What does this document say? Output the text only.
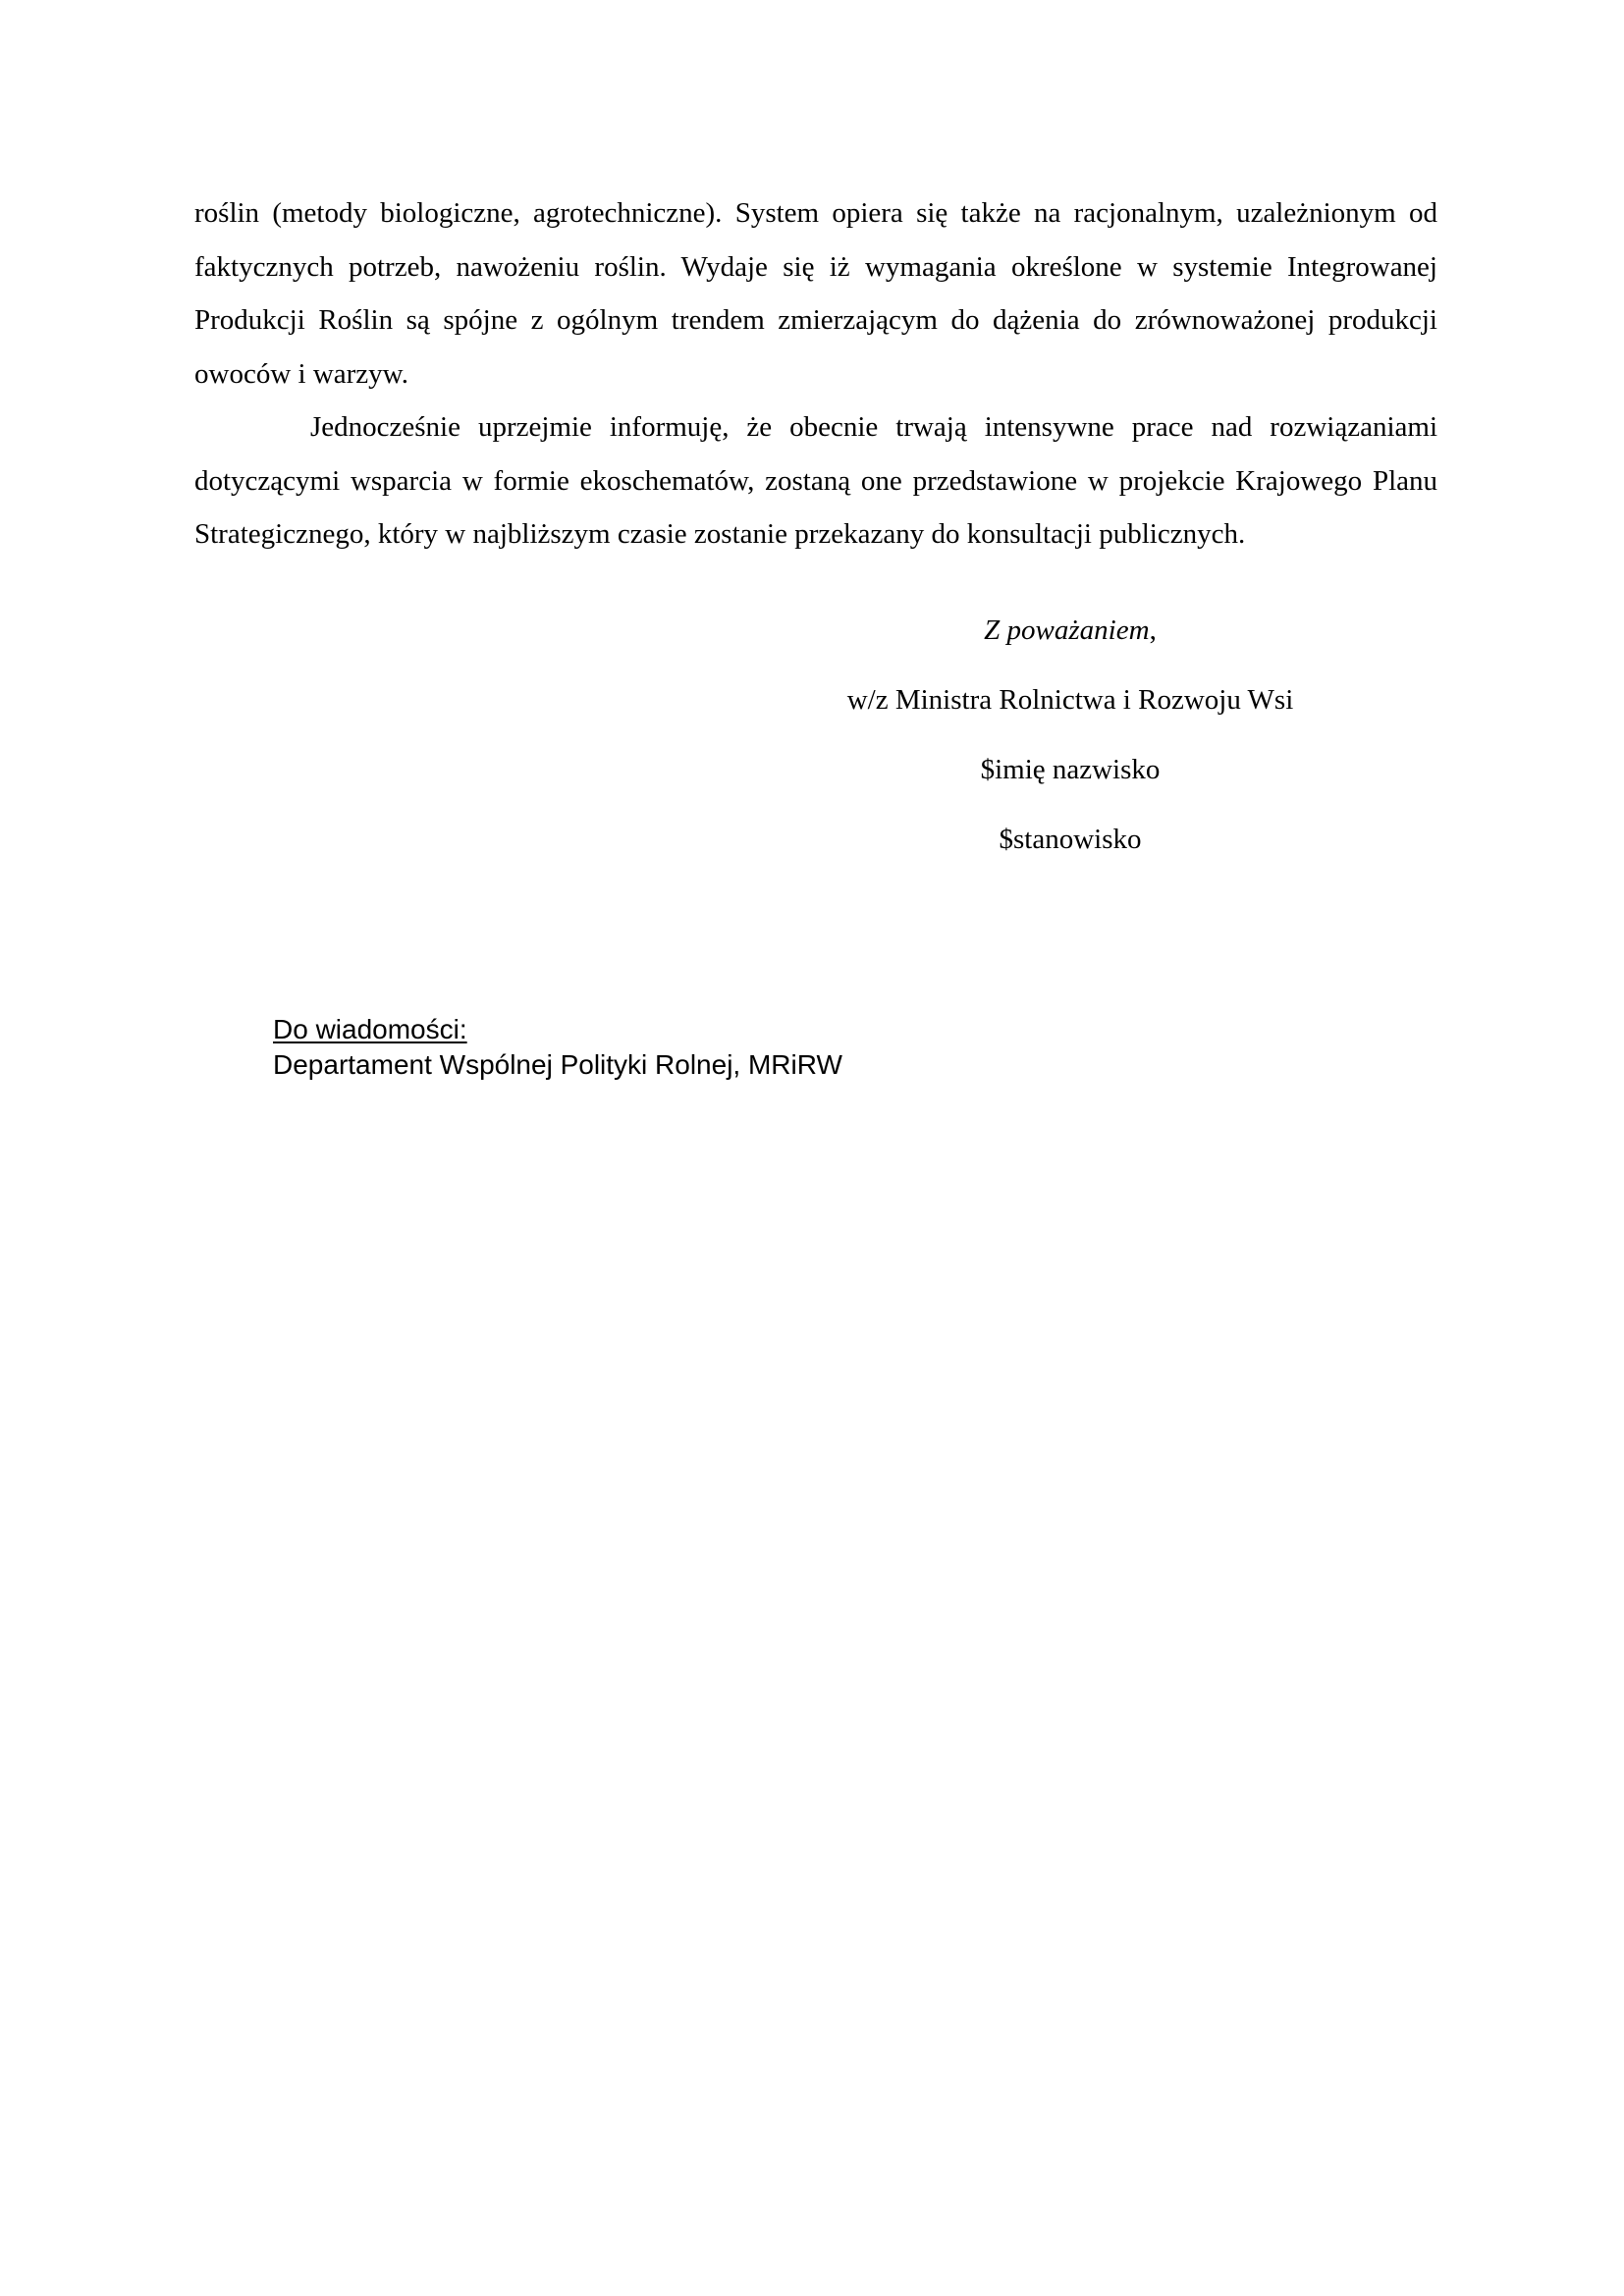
roślin (metody biologiczne, agrotechniczne). System opiera się także na racjonalnym, uzależnionym od faktycznych potrzeb, nawożeniu roślin. Wydaje się iż wymagania określone w systemie Integrowanej Produkcji Roślin są spójne z ogólnym trendem zmierzającym do dążenia do zrównoważonej produkcji owoców i warzyw.

Jednocześnie uprzejmie informuję, że obecnie trwają intensywne prace nad rozwiązaniami dotyczącymi wsparcia w formie ekoschematów, zostaną one przedstawione w projekcie Krajowego Planu Strategicznego, który w najbliższym czasie zostanie przekazany do konsultacji publicznych.

Z poważaniem,
w/z Ministra Rolnictwa i Rozwoju Wsi
$imię nazwisko
$stanowisko
Do wiadomości:
Departament Wspólnej Polityki Rolnej, MRiRW
